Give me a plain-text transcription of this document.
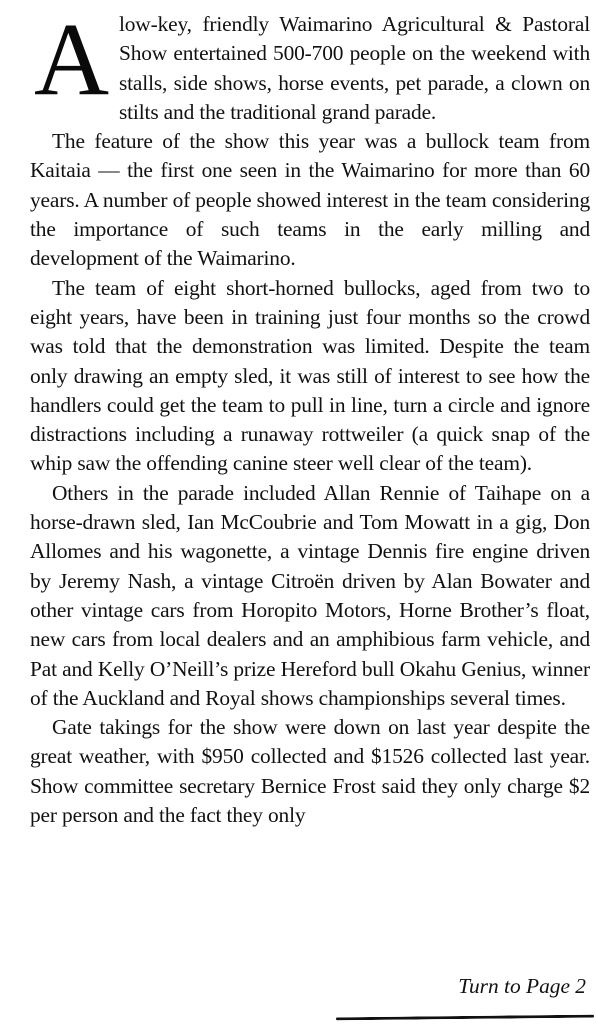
A low-key, friendly Waimarino Agricultural & Pastoral Show entertained 500-700 people on the weekend with stalls, side shows, horse events, pet parade, a clown on stilts and the traditional grand parade.

The feature of the show this year was a bullock team from Kaitaia — the first one seen in the Waimarino for more than 60 years. A number of people showed interest in the team considering the importance of such teams in the early milling and development of the Waimarino.

The team of eight short-horned bullocks, aged from two to eight years, have been in training just four months so the crowd was told that the demonstration was limited. Despite the team only drawing an empty sled, it was still of interest to see how the handlers could get the team to pull in line, turn a circle and ignore distractions including a runaway rottweiler (a quick snap of the whip saw the offending canine steer well clear of the team).

Others in the parade included Allan Rennie of Taihape on a horse-drawn sled, Ian McCoubrie and Tom Mowatt in a gig, Don Allomes and his wagonette, a vintage Dennis fire engine driven by Jeremy Nash, a vintage Citroën driven by Alan Bowater and other vintage cars from Horopito Motors, Horne Brother’s float, new cars from local dealers and an amphibious farm vehicle, and Pat and Kelly O’Neill’s prize Hereford bull Okahu Genius, winner of the Auckland and Royal shows championships several times.

Gate takings for the show were down on last year despite the great weather, with $950 collected and $1526 collected last year. Show committee secretary Bernice Frost said they only charge $2 per person and the fact they only

Turn to Page 2
